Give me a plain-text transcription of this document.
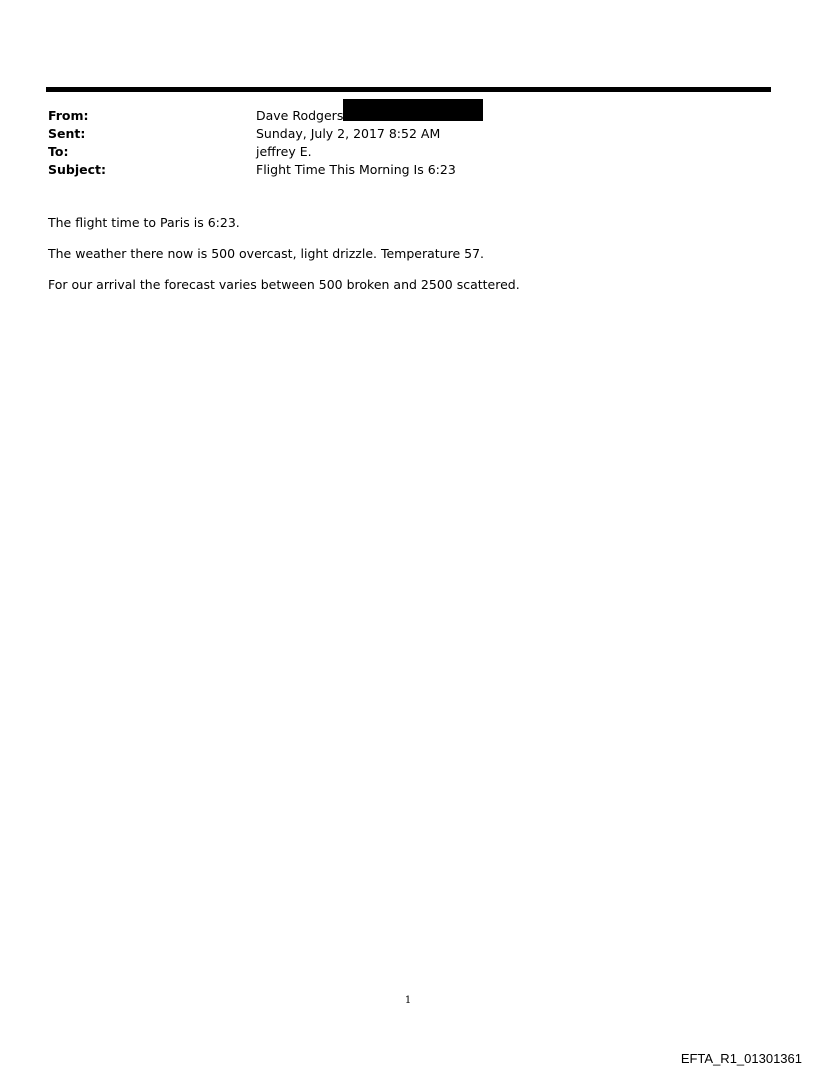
From:	Dave Rodgers
Sent:	Sunday, July 2, 2017 8:52 AM
To:	jeffrey E.
Subject:	Flight Time This Morning Is 6:23

The flight time to Paris is 6:23.

The weather there now is 500 overcast, light drizzle. Temperature 57.

For our arrival the forecast varies between 500 broken and 2500 scattered.

1
EFTA_R1_01301361
